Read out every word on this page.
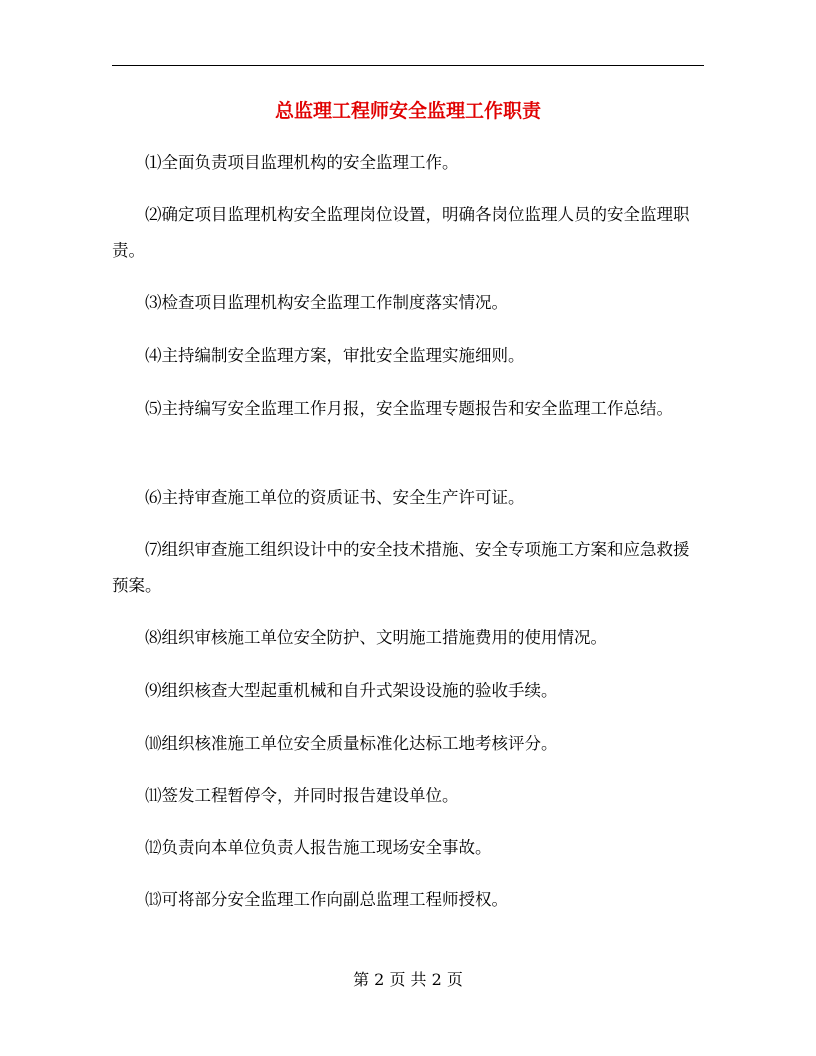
总监理工程师安全监理工作职责
⑴全面负责项目监理机构的安全监理工作。
⑵确定项目监理机构安全监理岗位设置，明确各岗位监理人员的安全监理职责。
⑶检查项目监理机构安全监理工作制度落实情况。
⑷主持编制安全监理方案，审批安全监理实施细则。
⑸主持编写安全监理工作月报，安全监理专题报告和安全监理工作总结。
⑹主持审查施工单位的资质证书、安全生产许可证。
⑺组织审查施工组织设计中的安全技术措施、安全专项施工方案和应急救援预案。
⑻组织审核施工单位安全防护、文明施工措施费用的使用情况。
⑼组织核查大型起重机械和自升式架设设施的验收手续。
⑽组织核准施工单位安全质量标准化达标工地考核评分。
⑾签发工程暂停令，并同时报告建设单位。
⑿负责向本单位负责人报告施工现场安全事故。
⒀可将部分安全监理工作向副总监理工程师授权。
第 2 页 共 2 页
